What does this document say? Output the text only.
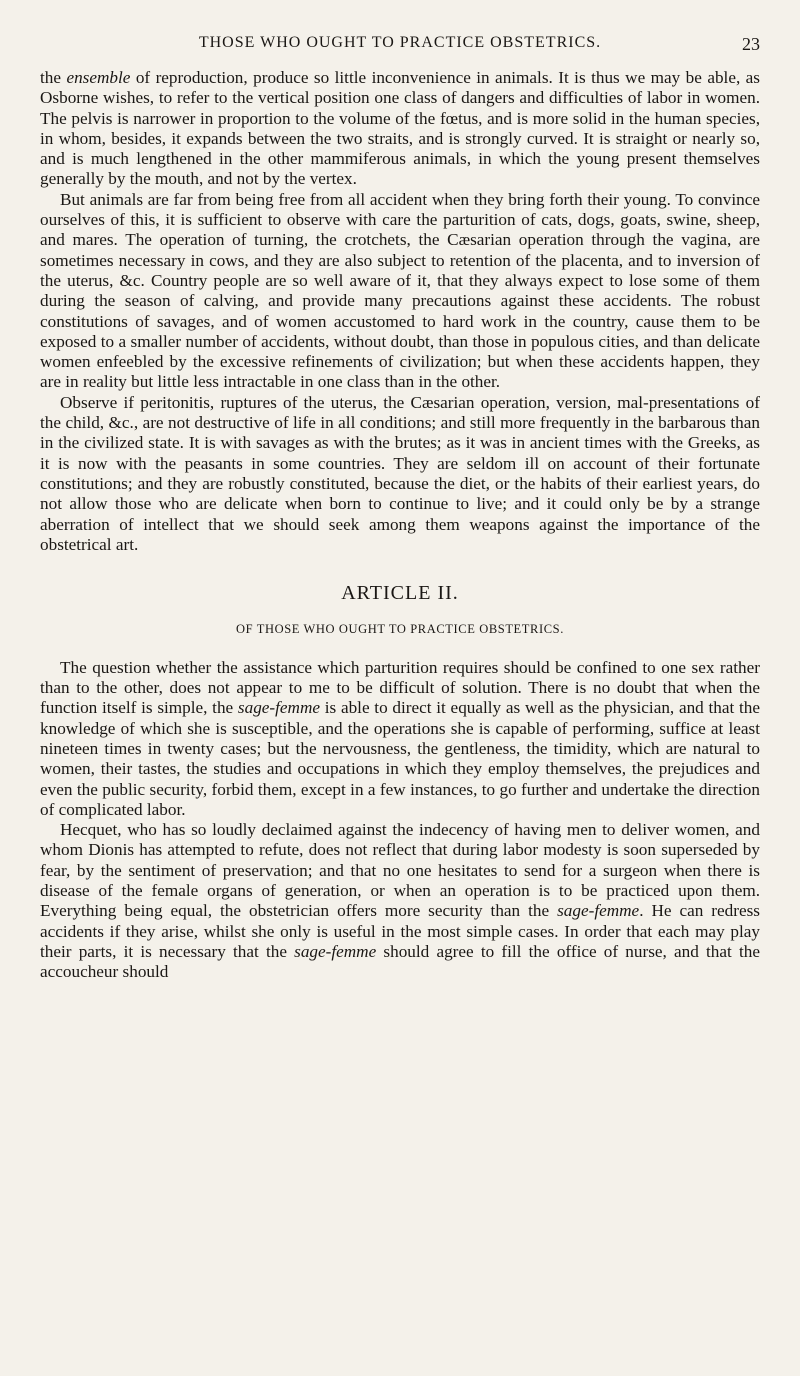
THOSE WHO OUGHT TO PRACTICE OBSTETRICS.	23

the ensemble of reproduction, produce so little inconvenience in animals. It is thus we may be able, as Osborne wishes, to refer to the vertical position one class of dangers and difficulties of labor in women. The pelvis is narrower in proportion to the volume of the fœtus, and is more solid in the human species, in whom, besides, it expands between the two straits, and is strongly curved. It is straight or nearly so, and is much lengthened in the other mammiferous animals, in which the young present themselves generally by the mouth, and not by the vertex.

But animals are far from being free from all accident when they bring forth their young. To convince ourselves of this, it is sufficient to observe with care the parturition of cats, dogs, goats, swine, sheep, and mares. The operation of turning, the crotchets, the Cæsarian operation through the vagina, are sometimes necessary in cows, and they are also subject to retention of the placenta, and to inversion of the uterus, &c. Country people are so well aware of it, that they always expect to lose some of them during the season of calving, and provide many precautions against these accidents. The robust constitutions of savages, and of women accustomed to hard work in the country, cause them to be exposed to a smaller number of accidents, without doubt, than those in populous cities, and than delicate women enfeebled by the excessive refinements of civilization; but when these accidents happen, they are in reality but little less intractable in one class than in the other.

Observe if peritonitis, ruptures of the uterus, the Cæsarian operation, version, mal-presentations of the child, &c., are not destructive of life in all conditions; and still more frequently in the barbarous than in the civilized state. It is with savages as with the brutes; as it was in ancient times with the Greeks, as it is now with the peasants in some countries. They are seldom ill on account of their fortunate constitutions; and they are robustly constituted, because the diet, or the habits of their earliest years, do not allow those who are delicate when born to continue to live; and it could only be by a strange aberration of intellect that we should seek among them weapons against the importance of the obstetrical art.

ARTICLE II.
OF THOSE WHO OUGHT TO PRACTICE OBSTETRICS.

The question whether the assistance which parturition requires should be confined to one sex rather than to the other, does not appear to me to be difficult of solution. There is no doubt that when the function itself is simple, the sage-femme is able to direct it equally as well as the physician, and that the knowledge of which she is susceptible, and the operations she is capable of performing, suffice at least nineteen times in twenty cases; but the nervousness, the gentleness, the timidity, which are natural to women, their tastes, the studies and occupations in which they employ themselves, the prejudices and even the public security, forbid them, except in a few instances, to go further and undertake the direction of complicated labor.

Hecquet, who has so loudly declaimed against the indecency of having men to deliver women, and whom Dionis has attempted to refute, does not reflect that during labor modesty is soon superseded by fear, by the sentiment of preservation; and that no one hesitates to send for a surgeon when there is disease of the female organs of generation, or when an operation is to be practiced upon them. Everything being equal, the obstetrician offers more security than the sage-femme. He can redress accidents if they arise, whilst she only is useful in the most simple cases. In order that each may play their parts, it is necessary that the sage-femme should agree to fill the office of nurse, and that the accoucheur should
